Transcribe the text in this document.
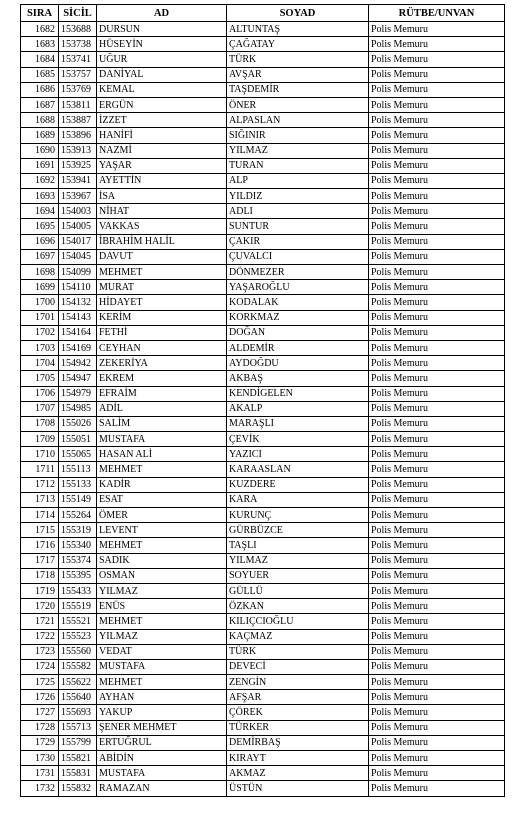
SIRA	SİCİL	AD	SOYAD	RÜTBE/UNVAN
1682	153688	DURSUN	ALTUNTAŞ	Polis Memuru
1683	153738	HÜSEYİN	ÇAĞATAY	Polis Memuru
1684	153741	UĞUR	TÜRK	Polis Memuru
1685	153757	DANİYAL	AVŞAR	Polis Memuru
1686	153769	KEMAL	TAŞDEMİR	Polis Memuru
1687	153811	ERGÜN	ÖNER	Polis Memuru
1688	153887	İZZET	ALPASLAN	Polis Memuru
1689	153896	HANİFİ	SIĞINIR	Polis Memuru
1690	153913	NAZMİ	YILMAZ	Polis Memuru
1691	153925	YAŞAR	TURAN	Polis Memuru
1692	153941	AYETTİN	ALP	Polis Memuru
1693	153967	İSA	YILDIZ	Polis Memuru
1694	154003	NİHAT	ADLI	Polis Memuru
1695	154005	VAKKAS	SUNTUR	Polis Memuru
1696	154017	İBRAHİM HALİL	ÇAKIR	Polis Memuru
1697	154045	DAVUT	ÇUVALCI	Polis Memuru
1698	154099	MEHMET	DÖNMEZER	Polis Memuru
1699	154110	MURAT	YAŞAROĞLU	Polis Memuru
1700	154132	HİDAYET	KODALAK	Polis Memuru
1701	154143	KERİM	KORKMAZ	Polis Memuru
1702	154164	FETHİ	DOĞAN	Polis Memuru
1703	154169	CEYHAN	ALDEMİR	Polis Memuru
1704	154942	ZEKERİYA	AYDOĞDU	Polis Memuru
1705	154947	EKREM	AKBAŞ	Polis Memuru
1706	154979	EFRAİM	KENDİGELEN	Polis Memuru
1707	154985	ADİL	AKALP	Polis Memuru
1708	155026	SALİM	MARAŞLI	Polis Memuru
1709	155051	MUSTAFA	ÇEVİK	Polis Memuru
1710	155065	HASAN ALİ	YAZICI	Polis Memuru
1711	155113	MEHMET	KARAASLAN	Polis Memuru
1712	155133	KADİR	KUZDERE	Polis Memuru
1713	155149	ESAT	KARA	Polis Memuru
1714	155264	ÖMER	KURUNÇ	Polis Memuru
1715	155319	LEVENT	GÜRBÜZCE	Polis Memuru
1716	155340	MEHMET	TAŞLI	Polis Memuru
1717	155374	SADIK	YILMAZ	Polis Memuru
1718	155395	OSMAN	SOYUER	Polis Memuru
1719	155433	YILMAZ	GÜLLÜ	Polis Memuru
1720	155519	ENÜS	ÖZKAN	Polis Memuru
1721	155521	MEHMET	KILIÇCIOĞLU	Polis Memuru
1722	155523	YILMAZ	KAÇMAZ	Polis Memuru
1723	155560	VEDAT	TÜRK	Polis Memuru
1724	155582	MUSTAFA	DEVECİ	Polis Memuru
1725	155622	MEHMET	ZENGİN	Polis Memuru
1726	155640	AYHAN	AFŞAR	Polis Memuru
1727	155693	YAKUP	ÇÖREK	Polis Memuru
1728	155713	ŞENER MEHMET	TÜRKER	Polis Memuru
1729	155799	ERTUĞRUL	DEMİRBAŞ	Polis Memuru
1730	155821	ABİDİN	KIRAYT	Polis Memuru
1731	155831	MUSTAFA	AKMAZ	Polis Memuru
1732	155832	RAMAZAN	ÜSTÜN	Polis Memuru
